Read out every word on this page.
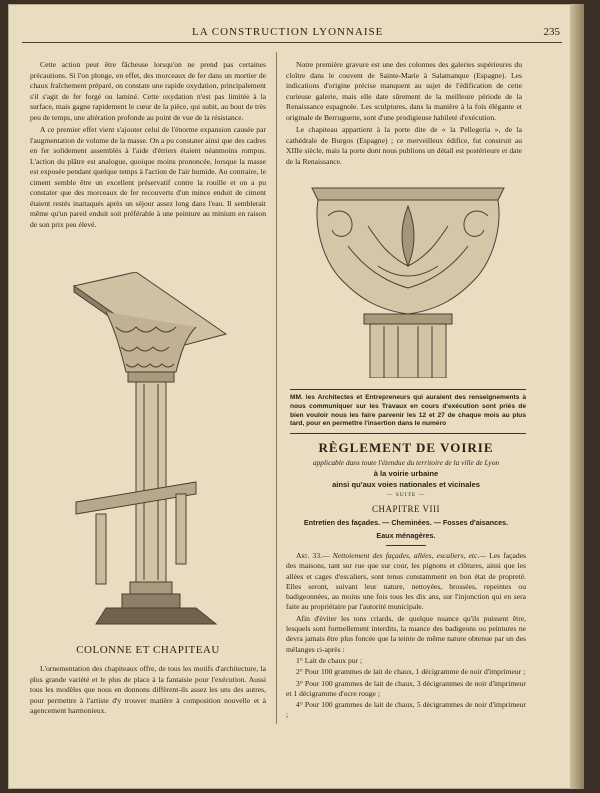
LA CONSTRUCTION LYONNAISE	235

Cette action peut être fâcheuse lorsqu'on ne prend pas certaines précautions. Si l'on plonge, en effet, des morceaux de fer dans un mortier de chaux fraîchement préparé, on constate une rapide oxydation, principalement s'il s'agit de fer forgé ou laminé. Cette oxydation n'est pas limitée à la surface, mais gagne rapidement le cœur de la pièce, qui subit, au bout de très peu de temps, une altération profonde au point de vue de la résistance.

A ce premier effet vient s'ajouter celui de l'énorme expansion causée par l'augmentation de volume de la masse. On a pu constater ainsi que des cadres en fer solidement assemblés à l'aide d'étriers étaient néanmoins rompus. L'action du plâtre est analogue, quoique moins prononcée, lorsque la masse est exposée pendant quelque temps à l'action de l'air humide. Au contraire, le ciment semble être un excellent préservatif contre la rouille et on a pu constater que des morceaux de fer recouverts d'un mince enduit de ciment étaient restés inattaqués après un séjour assez long dans l'eau. Il semblerait même qu'un pareil enduit soit préférable à une peinture au minium en raison de son prix peu élevé.

COLONNE ET CHAPITEAU

L'ornementation des chapiteaux offre, de tous les motifs d'architecture, la plus grande variété et le plus de place à la fantaisie pour l'exécution. Aussi tous les modèles que nous en donnons diffèrent-ils assez les uns des autres, pour permettre à l'artiste d'y trouver matière à composition nouvelle et à agencement harmonieux.

Notre première gravure est une des colonnes des galeries supérieures du cloître dans le couvent de Sainte-Marie à Salamanque (Espagne). Les indications d'origine précise manquent au sujet de l'édification de cette curieuse galerie, mais elle date sûrement de la meilleure période de la Renaissance espagnole. Les sculptures, dans la manière à la fois élégante et originale de Berruguette, sont d'une prodigieuse habileté d'exécution.

Le chapiteau appartient à la porte dite de « la Pellegeria », de la cathédrale de Burgos (Espagne) ; ce merveilleux édifice, fut construit au XIIIe siècle, mais la porte dont nous publions un détail est postérieure et date de la Renaissance.

MM. les Architectes et Entrepreneurs qui auraient des renseignements à nous communiquer sur les Travaux en cours d'exécution sont priés de bien vouloir nous les faire parvenir les 12 et 27 de chaque mois au plus tard, pour en permettre l'insertion dans le numéro

RÈGLEMENT DE VOIRIE

applicable dans toute l'étendue du territoire de la ville de Lyon

à la voirie urbaine

ainsi qu'aux voies nationales et vicinales

— SUITE —

CHAPITRE VIII

Entretien des façades. — Cheminées. — Fosses d'aisances.

Eaux ménagères.

Art. 33.— Nettoiement des façades, allées, escaliers, etc.— Les façades des maisons, tant sur rue que sur cour, les pignons et clôtures, ainsi que les allées et cages d'escaliers, sont tenus constamment en bon état de propreté. Elles seront, suivant leur nature, nettoyées, brossées, repeintes ou badigeonnées, au moins une fois tous les dix ans, sur l'injonction qui en sera faite au propriétaire par l'autorité municipale.

Afin d'éviter les tons criards, de quelque nuance qu'ils puissent être, lesquels sont formellement interdits, la nuance des badigeons ou peintures ne devra jamais être plus foncée que la teinte de même nature obtenue par un des mélanges ci-après :

1° Lait de chaux pur ;

2° Pour 100 grammes de lait de chaux, 1 décigramme de noir d'imprimeur ;

3° Pour 100 grammes de lait de chaux, 3 décigrammes de noir d'imprimeur et 1 décigramme d'ocre rouge ;

4° Pour 100 grammes de lait de chaux, 5 décigrammes de noir d'imprimeur ;
